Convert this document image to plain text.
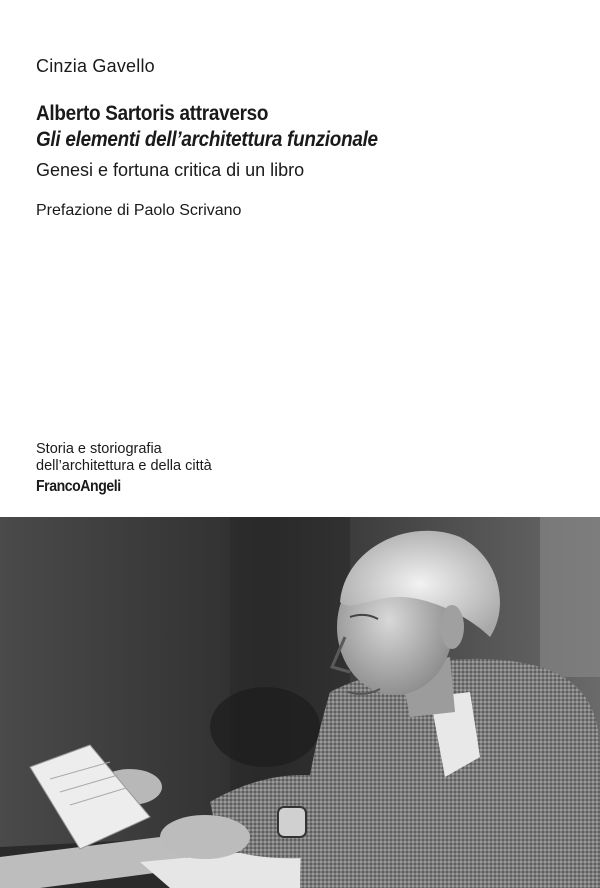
Cinzia Gavello
Alberto Sartoris attraverso
Gli elementi dell’architettura funzionale
Genesi e fortuna critica di un libro
Prefazione di Paolo Scrivano
Storia e storiografia
dell’architettura e della città
FrancoAngeli
